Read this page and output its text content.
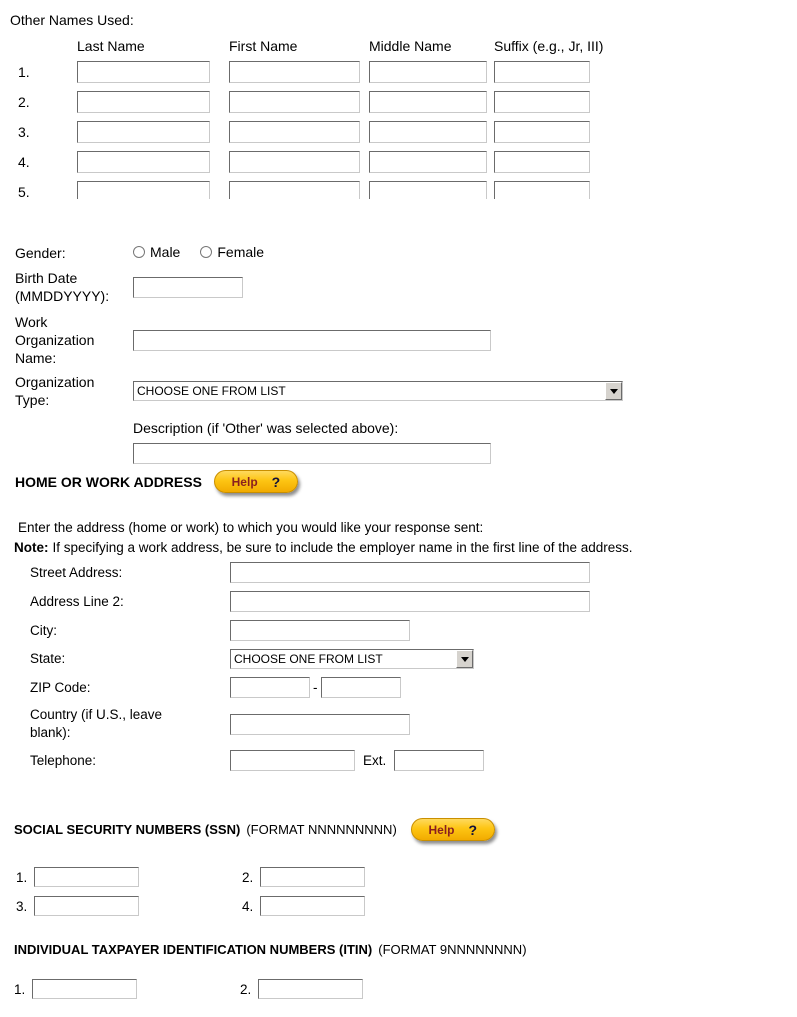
Other Names Used:
Last Name	First Name	Middle Name	Suffix (e.g., Jr, III)
1.
2.
3.
4.
5.
Gender:	Male	Female
Birth Date
(MMDDYYYY):
Work
Organization
Name:
Organization
Type:
CHOOSE ONE FROM LIST
Description (if 'Other' was selected above):
HOME OR WORK ADDRESS Help ?
Enter the address (home or work) to which you would like your response sent:
Note: If specifying a work address, be sure to include the employer name in the first line of the address.
Street Address:
Address Line 2:
City:
State:	CHOOSE ONE FROM LIST
ZIP Code:	-
Country (if U.S., leave
blank):
Telephone:	Ext.
SOCIAL SECURITY NUMBERS (SSN) (FORMAT NNNNNNNNN)	Help ?
1.	2.
3.	4.
INDIVIDUAL TAXPAYER IDENTIFICATION NUMBERS (ITIN) (FORMAT 9NNNNNNNN)
1.	2.
